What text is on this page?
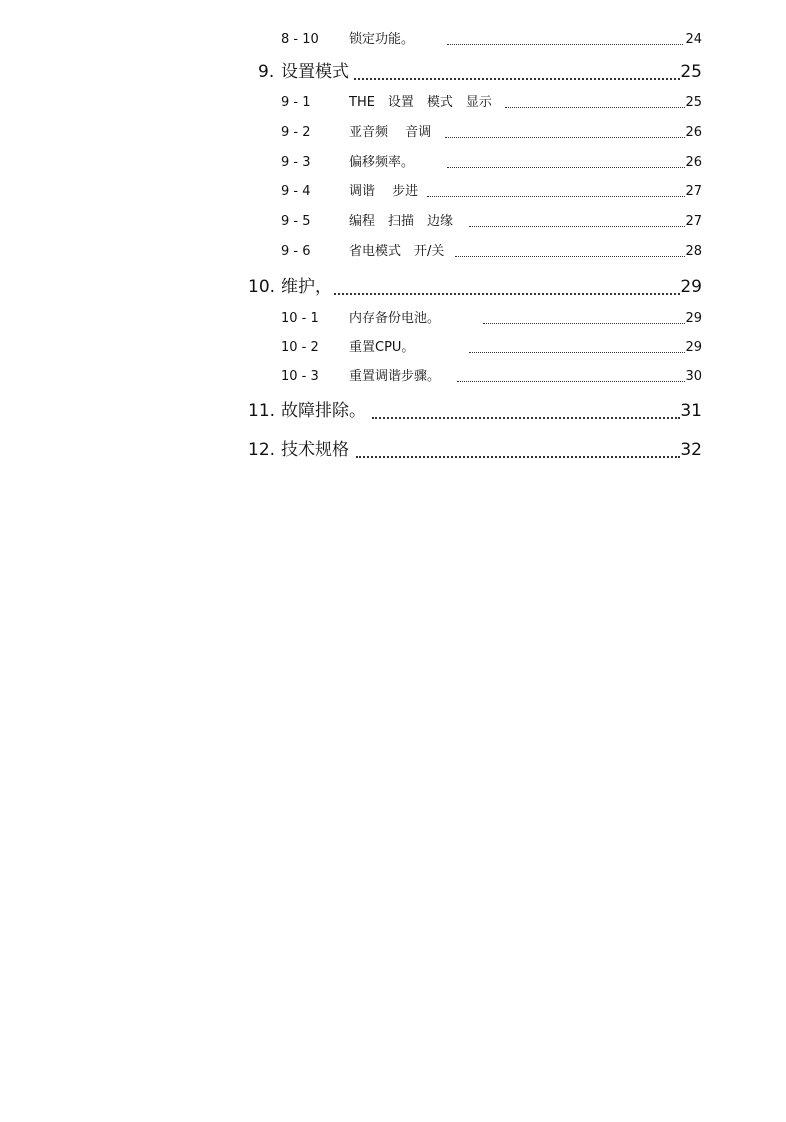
8 - 10	锁定功能。	24
9. 设置模式	25
9 - 1	THE　设置　模式　显示	25
9 - 2	亚音频　 音调	26
9 - 3	偏移频率。	26
9 - 4	调谐　 步进	27
9 - 5	编程　扫描　边缘	27
9 - 6	省电模式　开/关	28
10. 维护，	29
10 - 1	内存备份电池。	29
10 - 2	重置CPU。	29
10 - 3	重置调谐步骤。	30
11. 故障排除。	31
12. 技术规格	32
